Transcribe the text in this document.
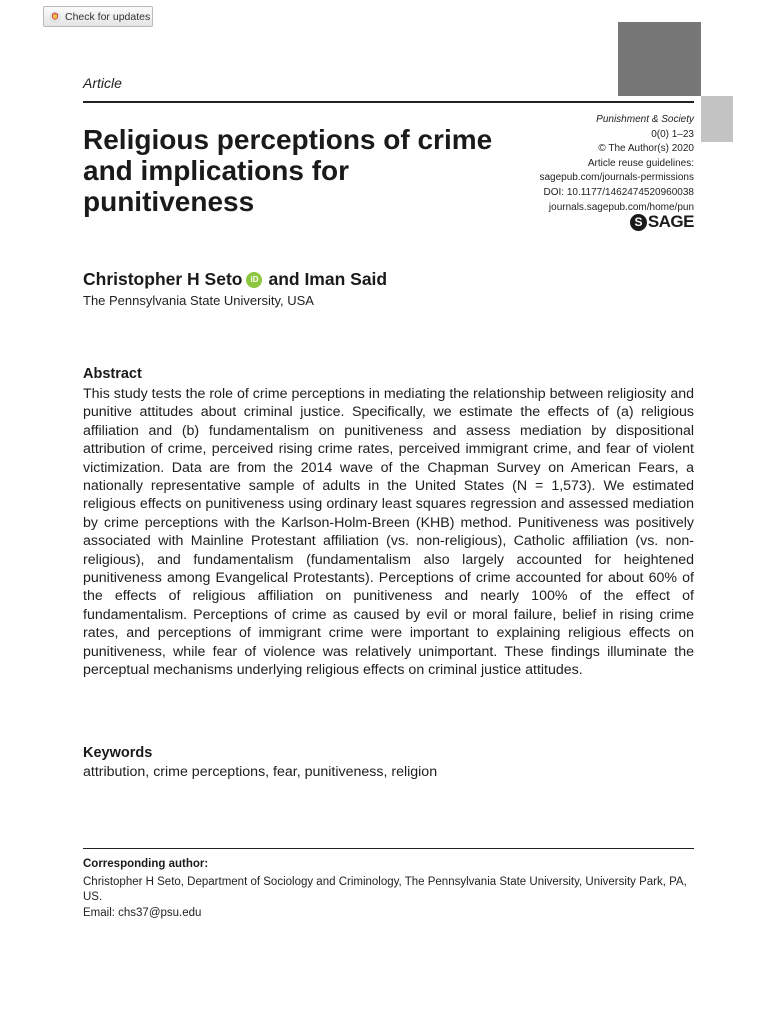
Check for updates
Article
Religious perceptions of crime and implications for punitiveness
Punishment & Society
0(0) 1–23
© The Author(s) 2020
Article reuse guidelines:
sagepub.com/journals-permissions
DOI: 10.1177/1462474520960038
journals.sagepub.com/home/pun
S SAGE
Christopher H Seto	iD and Iman Said
The Pennsylvania State University, USA
Abstract

This study tests the role of crime perceptions in mediating the relationship between religiosity and punitive attitudes about criminal justice. Specifically, we estimate the effects of (a) religious affiliation and (b) fundamentalism on punitiveness and assess mediation by dispositional attribution of crime, perceived rising crime rates, perceived immigrant crime, and fear of violent victimization. Data are from the 2014 wave of the Chapman Survey on American Fears, a nationally representative sample of adults in the United States (N = 1,573). We estimated religious effects on punitiveness using ordinary least squares regression and assessed mediation by crime perceptions with the Karlson-Holm-Breen (KHB) method. Punitiveness was positively associated with Mainline Protestant affiliation (vs. non-religious), Catholic affiliation (vs. non-religious), and fundamentalism (fundamentalism also largely accounted for heightened punitiveness among Evangelical Protestants). Perceptions of crime accounted for about 60% of the effects of religious affiliation on punitiveness and nearly 100% of the effect of fundamentalism. Perceptions of crime as caused by evil or moral failure, belief in rising crime rates, and perceptions of immigrant crime were important to explaining religious effects on punitiveness, while fear of violence was relatively unimportant. These findings illuminate the perceptual mechanisms underlying religious effects on criminal justice attitudes.

Keywords
attribution, crime perceptions, fear, punitiveness, religion
Corresponding author:
Christopher H Seto, Department of Sociology and Criminology, The Pennsylvania State University, University Park, PA, US.
Email: chs37@psu.edu
